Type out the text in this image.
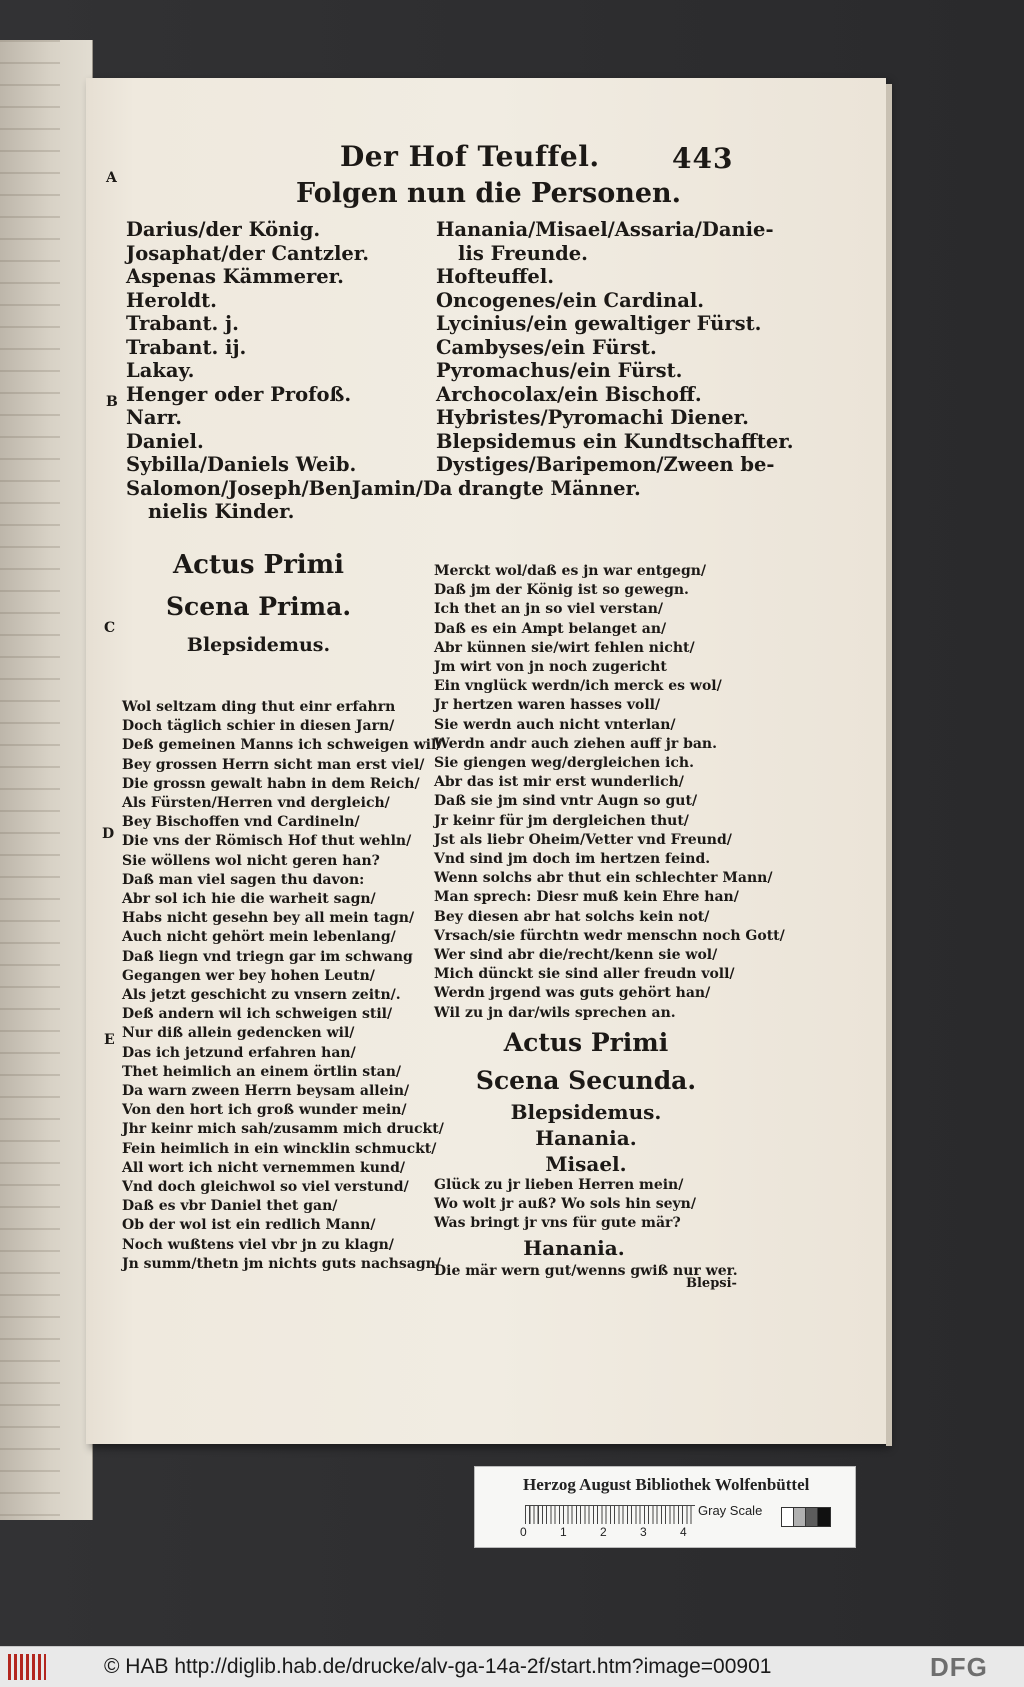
Der Hof Teuffel.	443
A
B
C
D
E
Folgen nun die Personen.
Darius/der König.
Josaphat/der Cantzler.
Aspenas Kämmerer.
Heroldt.
Trabant. j.
Trabant. ij.
Lakay.
Henger oder Profoß.
Narr.
Daniel.
Sybilla/Daniels Weib.
Salomon/Joseph/BenJamin/Da
nielis Kinder.
Hanania/Misael/Assaria/Danie-
lis Freunde.
Hofteuffel.
Oncogenes/ein Cardinal.
Lycinius/ein gewaltiger Fürst.
Cambyses/ein Fürst.
Pyromachus/ein Fürst.
Archocolax/ein Bischoff.
Hybristes/Pyromachi Diener.
Blepsidemus ein Kundtschaffter.
Dystiges/Baripemon/Zween be-
drangte Männer.
Actus Primi
Scena Prima.
Blepsidemus.
Wol seltzam ding thut einr erfahrn
Doch täglich schier in diesen Jarn/
Deß gemeinen Manns ich schweigen wil/
Bey grossen Herrn sicht man erst viel/
Die grossn gewalt habn in dem Reich/
Als Fürsten/Herren vnd dergleich/
Bey Bischoffen vnd Cardineln/
Die vns der Römisch Hof thut wehln/
Sie wöllens wol nicht geren han?
Daß man viel sagen thu davon:
Abr sol ich hie die warheit sagn/
Habs nicht gesehn bey all mein tagn/
Auch nicht gehört mein lebenlang/
Daß liegn vnd triegn gar im schwang
Gegangen wer bey hohen Leutn/
Als jetzt geschicht zu vnsern zeitn/.
Deß andern wil ich schweigen stil/
Nur diß allein gedencken wil/
Das ich jetzund erfahren han/
Thet heimlich an einem örtlin stan/
Da warn zween Herrn beysam allein/
Von den hort ich groß wunder mein/
Jhr keinr mich sah/zusamm mich druckt/
Fein heimlich in ein wincklin schmuckt/
All wort ich nicht vernemmen kund/
Vnd doch gleichwol so viel verstund/
Daß es vbr Daniel thet gan/
Ob der wol ist ein redlich Mann/
Noch wußtens viel vbr jn zu klagn/
Jn summ/thetn jm nichts guts nachsagn/
Merckt wol/daß es jn war entgegn/
Daß jm der König ist so gewegn.
Ich thet an jn so viel verstan/
Daß es ein Ampt belanget an/
Abr künnen sie/wirt fehlen nicht/
Jm wirt von jn noch zugericht
Ein vnglück werdn/ich merck es wol/
Jr hertzen waren hasses voll/
Sie werdn auch nicht vnterlan/
Werdn andr auch ziehen auff jr ban.
Sie giengen weg/dergleichen ich.
Abr das ist mir erst wunderlich/
Daß sie jm sind vntr Augn so gut/
Jr keinr für jm dergleichen thut/
Jst als liebr Oheim/Vetter vnd Freund/
Vnd sind jm doch im hertzen feind.
Wenn solchs abr thut ein schlechter Mann/
Man sprech: Diesr muß kein Ehre han/
Bey diesen abr hat solchs kein not/
Vrsach/sie fürchtn wedr menschn noch Gott/
Wer sind abr die/recht/kenn sie wol/
Mich dünckt sie sind aller freudn voll/
Werdn jrgend was guts gehört han/
Wil zu jn dar/wils sprechen an.
Actus Primi
Scena Secunda.
Blepsidemus.
Hanania.
Misael.
Glück zu jr lieben Herren mein/
Wo wolt jr auß? Wo sols hin seyn/
Was bringt jr vns für gute mär?
Hanania.
Die mär wern gut/wenns gwiß nur wer.
Blepsi-
Herzog August Bibliothek Wolfenbüttel
0	1	2	3	4
Gray Scale
© HAB http://diglib.hab.de/drucke/alv-ga-14a-2f/start.htm?image=00901	DFG
